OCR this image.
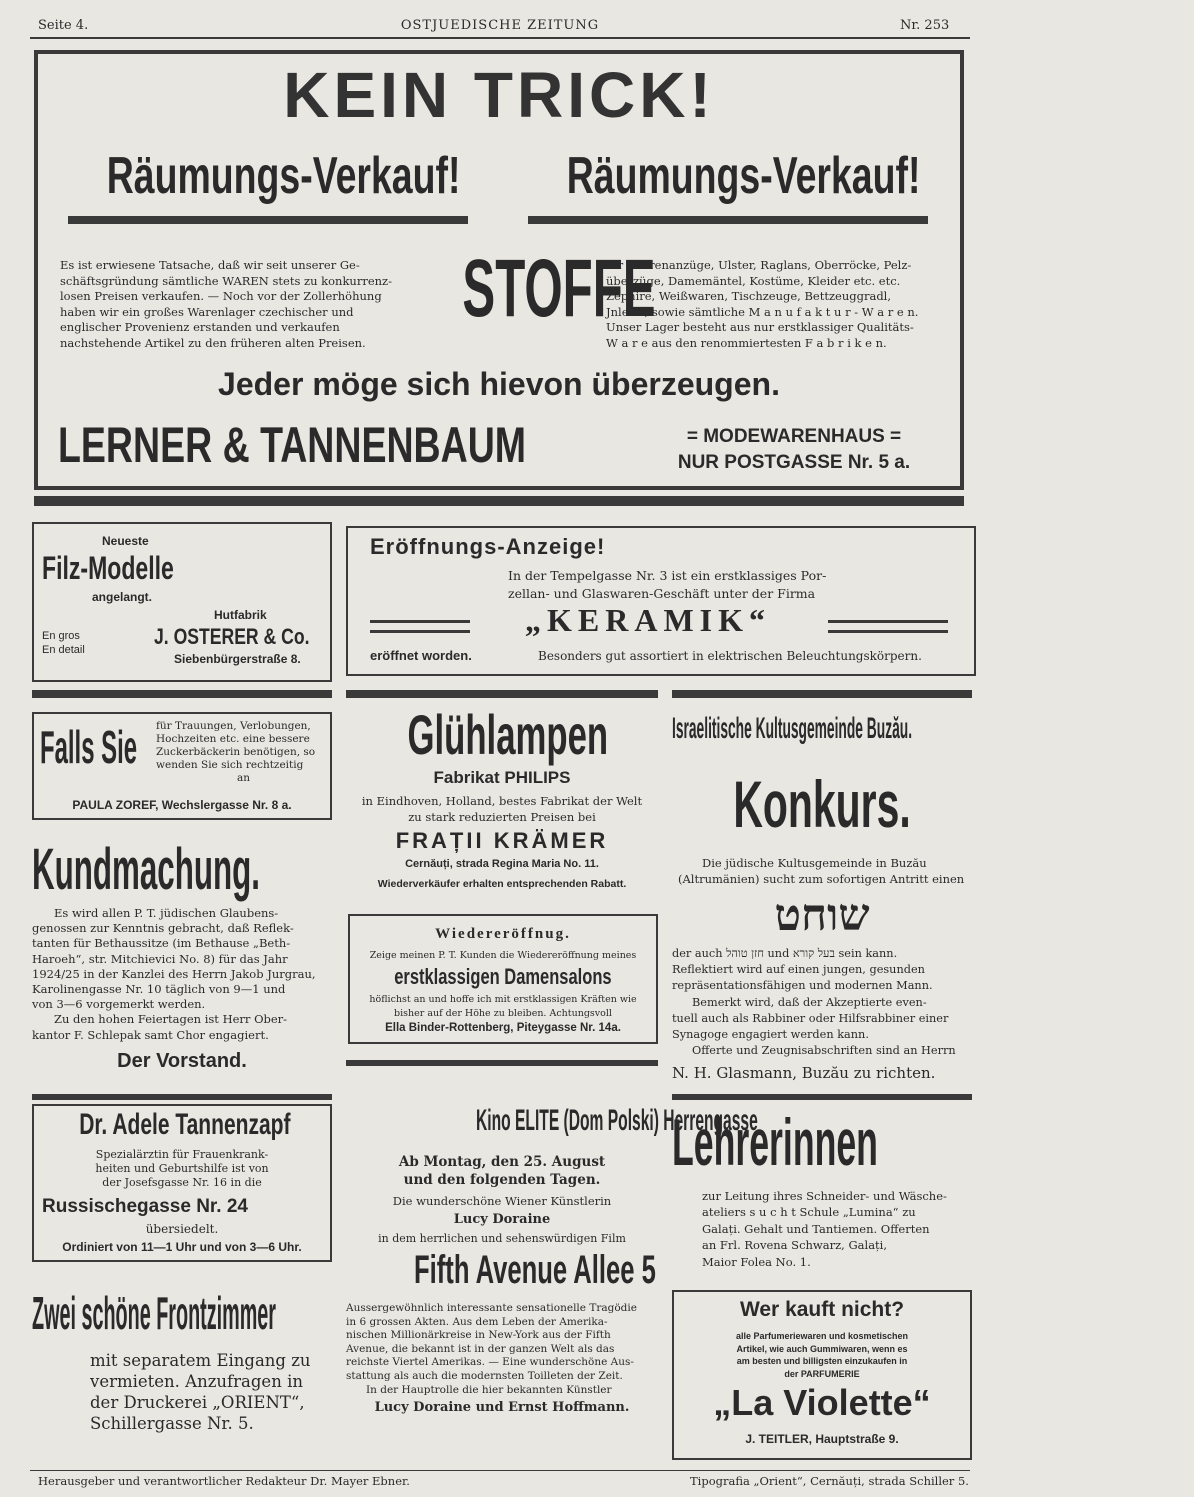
Seite 4.	OSTJUEDISCHE ZEITUNG	Nr. 253
KEIN TRICK!
Räumungs-Verkauf!	Räumungs-Verkauf!
Es ist erwiesene Tatsache, daß wir seit unserer Ge-
schäftsgründung sämtliche WAREN stets zu konkurrenz-
losen Preisen verkaufen. — Noch vor der Zollerhöhung
haben wir ein großes Warenlager czechischer und
englischer Provenienz erstanden und verkaufen
nachstehende Artikel zu den früheren alten Preisen.
STOFFE
für Herrenanzüge, Ulster, Raglans, Oberröcke, Pelz-
überzüge, Damemäntel, Kostüme, Kleider etc. etc.
Zephire, Weißwaren, Tischzeuge, Bettzeuggradl,
Jnlette, sowie sämtliche M a n u f a k t u r - W a r e n.
Unser Lager besteht aus nur erstklassiger Qualitäts-
W a r e aus den renommiertesten F a b r i k e n.
Jeder möge sich hievon überzeugen.
LERNER & TANNENBAUM	= MODEWARENHAUS =
NUR POSTGASSE Nr. 5 a.
Neueste
Filz-Modelle
angelangt.
Hutfabrik
En gros
En detail
J. OSTERER & Co.
Siebenbürgerstraße 8.
Eröffnungs-Anzeige!
In der Tempelgasse Nr. 3 ist ein erstklassiges Por-
zellan- und Glaswaren-Geschäft unter der Firma
„KERAMIK“
eröffnet worden.	Besonders gut assortiert in elektrischen Beleuchtungskörpern.
Falls Sie	für Trauungen, Verlobungen,
Hochzeiten etc. eine bessere
Zuckerbäckerin benötigen, so
wenden Sie sich rechtzeitig
an
PAULA ZOREF, Wechslergasse Nr. 8 a.
Glühlampen
Fabrikat PHILIPS
in Eindhoven, Holland, bestes Fabrikat der Welt
zu stark reduzierten Preisen bei
FRAȚII KRÄMER
Cernăuți, strada Regina Maria No. 11.
Wiederverkäufer erhalten entsprechenden Rabatt.
Israelitische Kultusgemeinde Buzău.
Konkurs.
Die jüdische Kultusgemeinde in Buzău
(Altrumänien) sucht zum sofortigen Antritt einen
שוחט
der auch חזן טוהל und בעל קורא sein kann.
Reflektiert wird auf einen jungen, gesunden
repräsentationsfähigen und modernen Mann.
Bemerkt wird, daß der Akzeptierte even-
tuell auch als Rabbiner oder Hilfsrabbiner einer
Synagoge engagiert werden kann.
Offerte und Zeugnisabschriften sind an Herrn
N. H. Glasmann, Buzău zu richten.
Kundmachung.
Es wird allen P. T. jüdischen Glaubens-
genossen zur Kenntnis gebracht, daß Reflek-
tanten für Bethaussitze (im Bethause „Beth-
Haroeh“, str. Mitchievici No. 8) für das Jahr
1924/25 in der Kanzlei des Herrn Jakob Jurgrau,
Karolinengasse Nr. 10 täglich von 9—1 und
von 3—6 vorgemerkt werden.
Zu den hohen Feiertagen ist Herr Ober-
kantor F. Schlepak samt Chor engagiert.
Der Vorstand.
Wiedereröffnug.
Zeige meinen P. T. Kunden die Wiedereröffnung meines
erstklassigen Damensalons
höflichst an und hoffe ich mit erstklassigen Kräften wie
bisher auf der Höhe zu bleiben. Achtungsvoll
Ella Binder-Rottenberg, Piteygasse Nr. 14a.
Dr. Adele Tannenzapf
Spezialärztin für Frauenkrank-
heiten und Geburtshilfe ist von
der Josefsgasse Nr. 16 in die
Russischegasse Nr. 24
übersiedelt.
Ordiniert von 11—1 Uhr und von 3—6 Uhr.
Kino ELITE (Dom Polski) Herrengasse
Ab Montag, den 25. August
und den folgenden Tagen.
Die wunderschöne Wiener Künstlerin
Lucy Doraine
in dem herrlichen und sehenswürdigen Film
Fifth Avenue Allee 5
Aussergewöhnlich interessante sensationelle Tragödie
in 6 grossen Akten. Aus dem Leben der Amerika-
nischen Millionärkreise in New-York aus der Fifth
Avenue, die bekannt ist in der ganzen Welt als das
reichste Viertel Amerikas. — Eine wunderschöne Aus-
stattung als auch die modernsten Toilleten der Zeit.
In der Hauptrolle die hier bekannten Künstler
Lucy Doraine und Ernst Hoffmann.
Lehrerinnen
zur Leitung ihres Schneider- und Wäsche-
ateliers s u c h t Schule „Lumina“ zu
Galați. Gehalt und Tantiemen. Offerten
an Frl. Rovena Schwarz, Galați,
Maior Folea No. 1.
Zwei schöne Frontzimmer
mit separatem Eingang zu
vermieten. Anzufragen in
der Druckerei „ORIENT“,
Schillergasse Nr. 5.
Wer kauft nicht?
alle Parfumeriewaren und kosmetischen
Artikel, wie auch Gummiwaren, wenn es
am besten und billigsten einzukaufen in
der PARFUMERIE
„La Violette“
J. TEITLER, Hauptstraße 9.
Herausgeber und verantwortlicher Redakteur Dr. Mayer Ebner.	Tipografia „Orient“, Cernăuți, strada Schiller 5.
